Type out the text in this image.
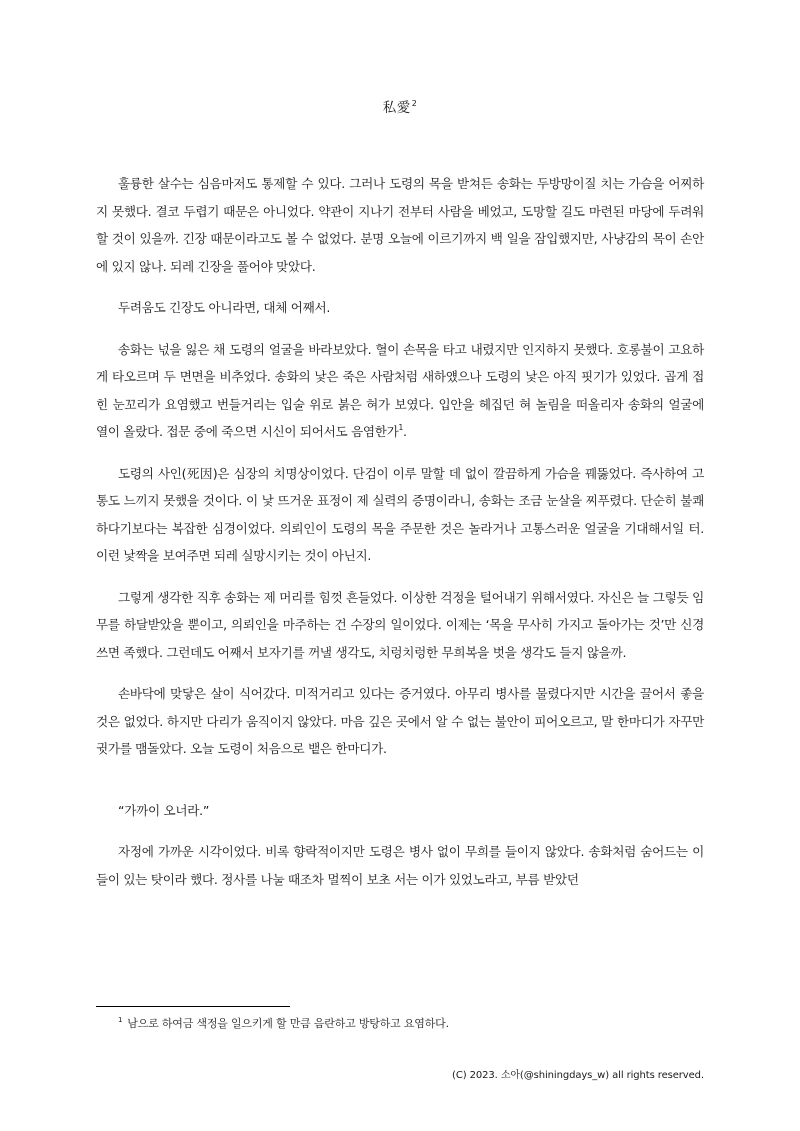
私愛$^2$

훌륭한 살수는 심음마저도 통제할 수 있다. 그러나 도령의 목을 받쳐든 송화는 두방망이질 치는 가슴을 어찌하지 못했다. 결코 두렵기 때문은 아니었다. 약관이 지나기 전부터 사람을 베었고, 도망할 길도 마련된 마당에 두려워할 것이 있을까. 긴장 때문이라고도 볼 수 없었다. 분명 오늘에 이르기까지 백 일을 잠입했지만, 사냥감의 목이 손안에 있지 않나. 되레 긴장을 풀어야 맞았다.

두려움도 긴장도 아니라면, 대체 어째서.

송화는 넋을 잃은 채 도령의 얼굴을 바라보았다. 혈이 손목을 타고 내렸지만 인지하지 못했다. 호롱불이 고요하게 타오르며 두 면면을 비추었다. 송화의 낯은 죽은 사람처럼 새하얬으나 도령의 낯은 아직 핏기가 있었다. 곱게 접힌 눈꼬리가 요염했고 번들거리는 입술 위로 붉은 혀가 보였다. 입안을 헤집던 혀 놀림을 떠올리자 송화의 얼굴에 열이 올랐다. 접문 중에 죽으면 시신이 되어서도 음염한가$^1$.

도령의 사인(死因)은 심장의 치명상이었다. 단검이 이루 말할 데 없이 깔끔하게 가슴을 꿰뚫었다. 즉사하여 고통도 느끼지 못했을 것이다. 이 낯 뜨거운 표정이 제 실력의 증명이라니, 송화는 조금 눈살을 찌푸렸다. 단순히 불쾌하다기보다는 복잡한 심경이었다. 의뢰인이 도령의 목을 주문한 것은 놀라거나 고통스러운 얼굴을 기대해서일 터. 이런 낯짝을 보여주면 되레 실망시키는 것이 아닌지.

그렇게 생각한 직후 송화는 제 머리를 힘껏 흔들었다. 이상한 걱정을 털어내기 위해서였다. 자신은 늘 그렇듯 임무를 하달받았을 뿐이고, 의뢰인을 마주하는 건 수장의 일이었다. 이제는 ‘목을 무사히 가지고 돌아가는 것’만 신경 쓰면 족했다. 그런데도 어째서 보자기를 꺼낼 생각도, 치렁치렁한 무희복을 벗을 생각도 들지 않을까.

손바닥에 맞닿은 살이 식어갔다. 미적거리고 있다는 증거였다. 아무리 병사를 물렸다지만 시간을 끌어서 좋을 것은 없었다. 하지만 다리가 움직이지 않았다. 마음 깊은 곳에서 알 수 없는 불안이 피어오르고, 말 한마디가 자꾸만 귓가를 맴돌았다. 오늘 도령이 처음으로 뱉은 한마디가.

“가까이 오너라.”

자정에 가까운 시각이었다. 비록 향락적이지만 도령은 병사 없이 무희를 들이지 않았다. 송화처럼 숨어드는 이들이 있는 탓이라 했다. 정사를 나눌 때조차 멀찍이 보초 서는 이가 있었노라고, 부름 받았던

$^1$ 남으로 하여금 색정을 일으키게 할 만큼 음란하고 방탕하고 요염하다.
(C) 2023. 소아(@shiningdays_w) all rights reserved.
